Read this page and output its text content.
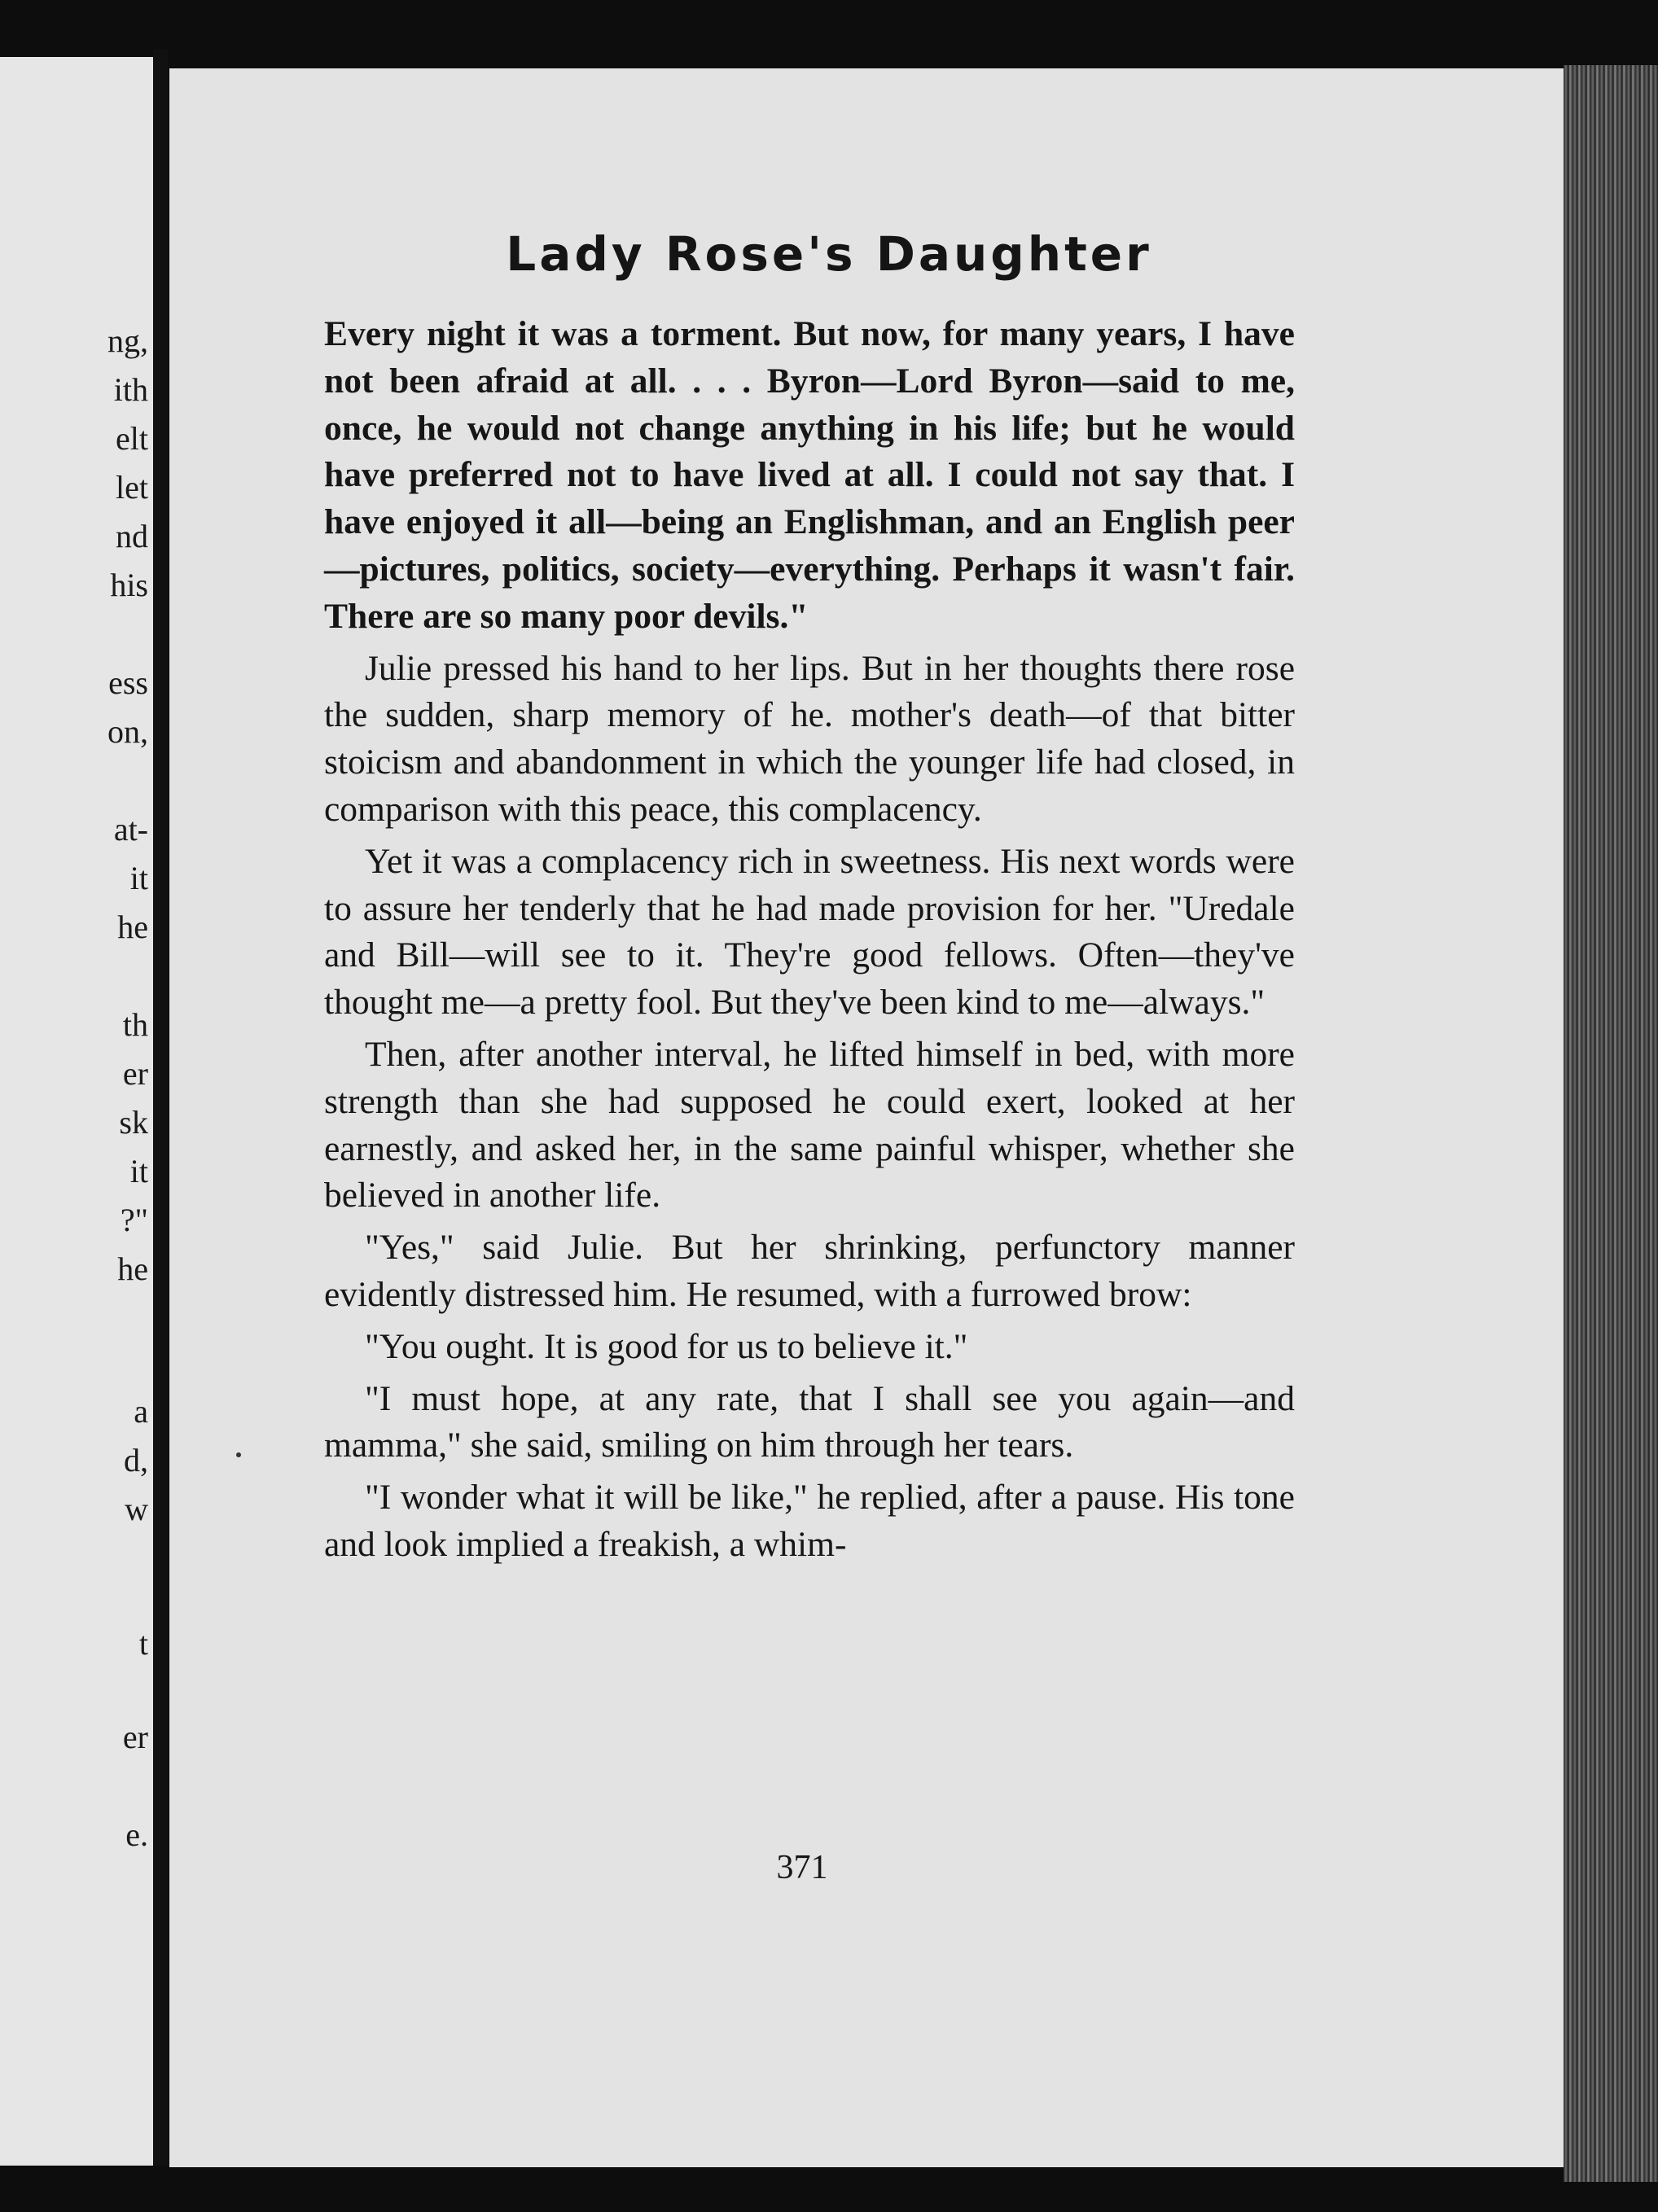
ng,
ith
elt
let
nd
his
ess
on,
at-
it
he
th
er
sk
it
?"
he
a
d,
w
t
er
e.
Lady Rose's Daughter

Every night it was a torment. But now, for many years, I have not been afraid at all. . . . Byron—Lord Byron—said to me, once, he would not change anything in his life; but he would have preferred not to have lived at all. I could not say that. I have enjoyed it all—being an Englishman, and an English peer—pictures, politics, society—everything. Perhaps it wasn't fair. There are so many poor devils."

Julie pressed his hand to her lips. But in her thoughts there rose the sudden, sharp memory of he. mother's death—of that bitter stoicism and abandonment in which the younger life had closed, in comparison with this peace, this complacency.

Yet it was a complacency rich in sweetness. His next words were to assure her tenderly that he had made provision for her. "Uredale and Bill—will see to it. They're good fellows. Often—they've thought me—a pretty fool. But they've been kind to me—always."

Then, after another interval, he lifted himself in bed, with more strength than she had supposed he could exert, looked at her earnestly, and asked her, in the same painful whisper, whether she believed in another life.

"Yes," said Julie. But her shrinking, perfunctory manner evidently distressed him. He resumed, with a furrowed brow:

"You ought. It is good for us to believe it."

"I must hope, at any rate, that I shall see you again—and mamma," she said, smiling on him through her tears.

"I wonder what it will be like," he replied, after a pause. His tone and look implied a freakish, a whim-

371
